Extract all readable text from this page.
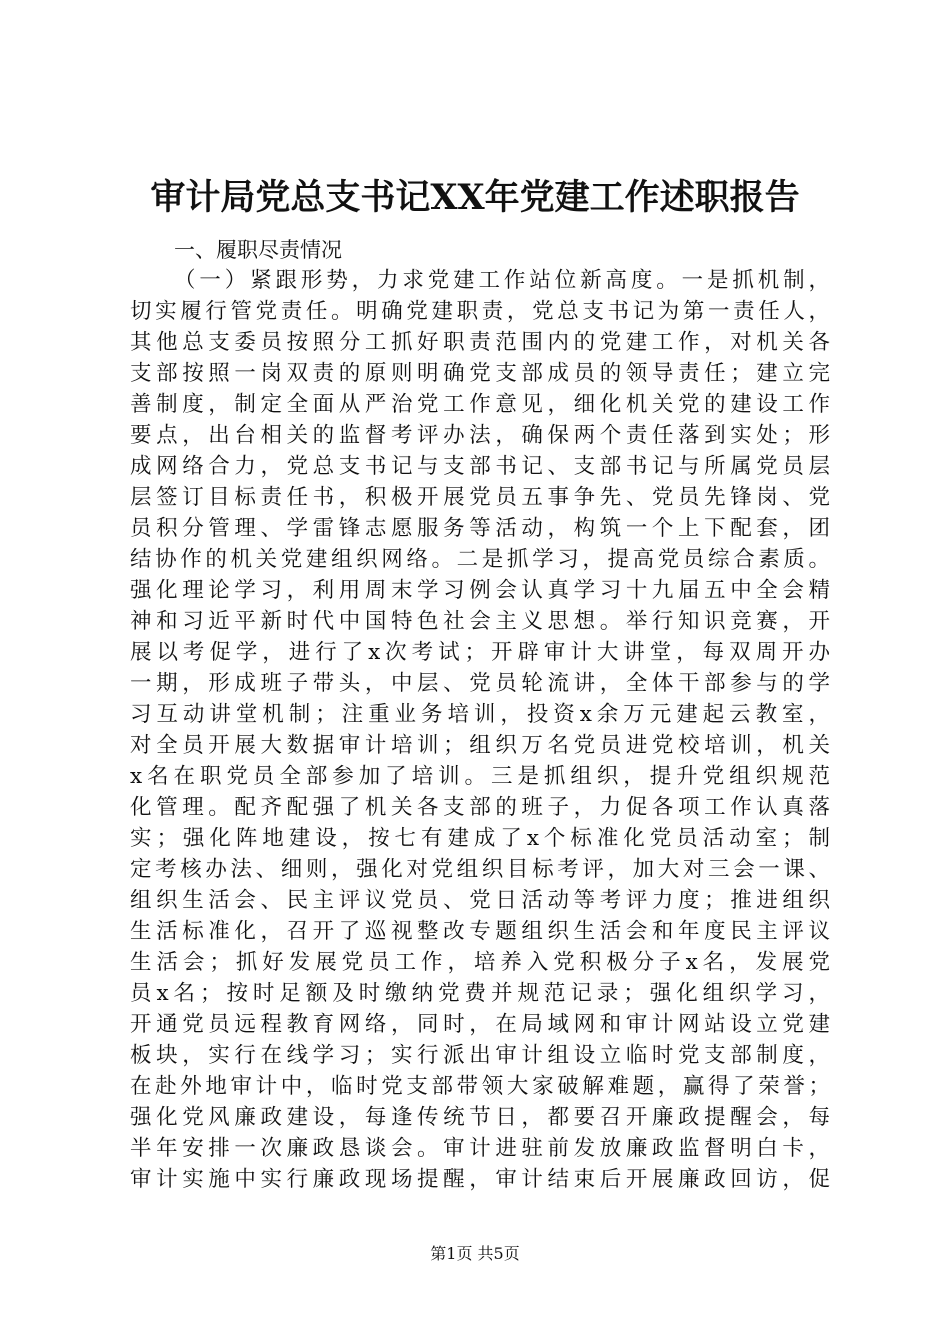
审计局党总支书记XX年党建工作述职报告
一、履职尽责情况
（一）紧跟形势，力求党建工作站位新高度。一是抓机制，
切实履行管党责任。明确党建职责，党总支书记为第一责任人，
其他总支委员按照分工抓好职责范围内的党建工作，对机关各
支部按照一岗双责的原则明确党支部成员的领导责任；建立完
善制度，制定全面从严治党工作意见，细化机关党的建设工作
要点，出台相关的监督考评办法，确保两个责任落到实处；形
成网络合力，党总支书记与支部书记、支部书记与所属党员层
层签订目标责任书，积极开展党员五事争先、党员先锋岗、党
员积分管理、学雷锋志愿服务等活动，构筑一个上下配套，团
结协作的机关党建组织网络。二是抓学习，提高党员综合素质。
强化理论学习，利用周末学习例会认真学习十九届五中全会精
神和习近平新时代中国特色社会主义思想。举行知识竞赛，开
展以考促学，进行了x次考试；开辟审计大讲堂，每双周开办
一期，形成班子带头，中层、党员轮流讲，全体干部参与的学
习互动讲堂机制；注重业务培训，投资x余万元建起云教室，
对全员开展大数据审计培训；组织万名党员进党校培训，机关
x名在职党员全部参加了培训。三是抓组织，提升党组织规范
化管理。配齐配强了机关各支部的班子，力促各项工作认真落
实；强化阵地建设，按七有建成了x个标准化党员活动室；制
定考核办法、细则，强化对党组织目标考评，加大对三会一课、
组织生活会、民主评议党员、党日活动等考评力度；推进组织
生活标准化，召开了巡视整改专题组织生活会和年度民主评议
生活会；抓好发展党员工作，培养入党积极分子x名，发展党
员x名；按时足额及时缴纳党费并规范记录；强化组织学习，
开通党员远程教育网络，同时，在局域网和审计网站设立党建
板块，实行在线学习；实行派出审计组设立临时党支部制度，
在赴外地审计中，临时党支部带领大家破解难题，赢得了荣誉；
强化党风廉政建设，每逢传统节日，都要召开廉政提醒会，每
半年安排一次廉政恳谈会。审计进驻前发放廉政监督明白卡，
审计实施中实行廉政现场提醒，审计结束后开展廉政回访，促
第1页 共5页
